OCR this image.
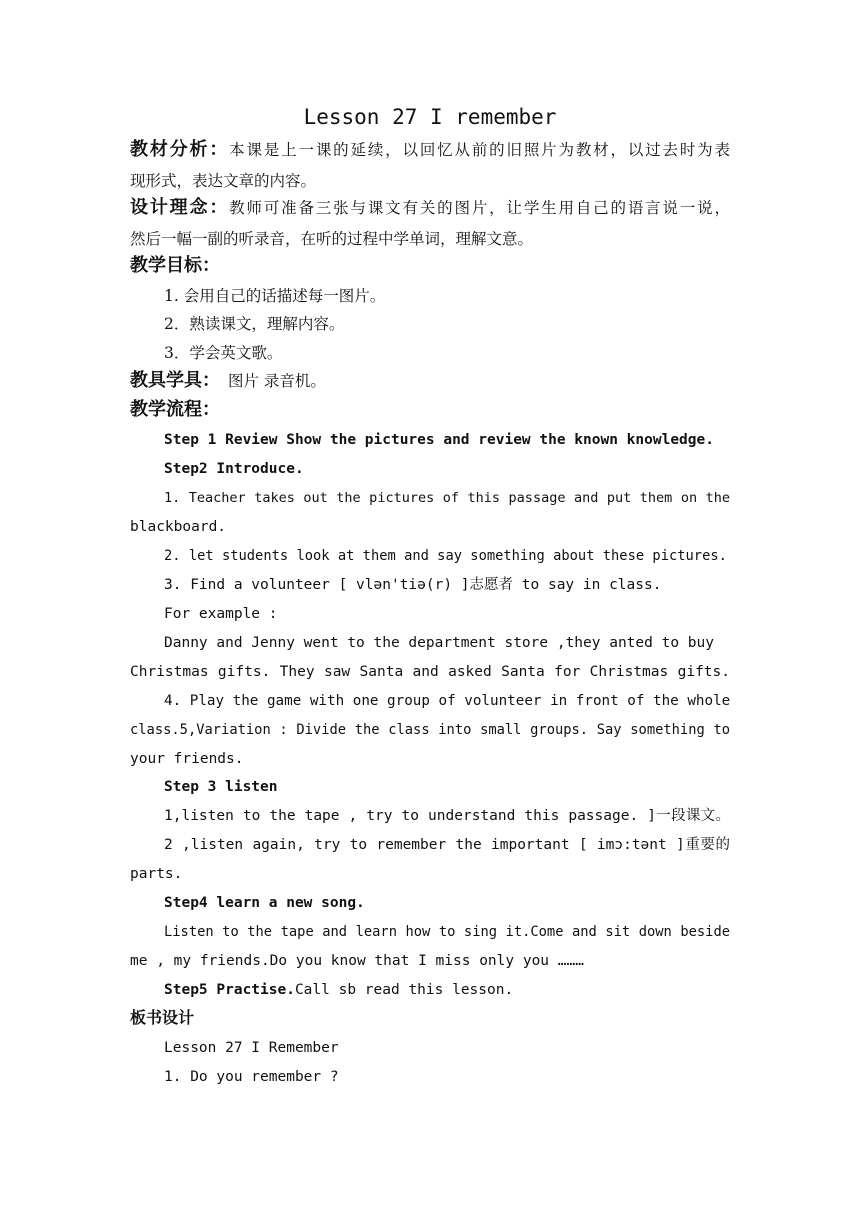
Lesson 27 I remember
教材分析：本课是上一课的延续，以回忆从前的旧照片为教材，以过去时为表
现形式，表达文章的内容。
设计理念：教师可准备三张与课文有关的图片，让学生用自己的语言说一说，
然后一幅一副的听录音，在听的过程中学单词，理解文意。
教学目标：
1. 会用自己的话描述每一图片。
2．熟读课文，理解内容。
3．学会英文歌。
教具学具： 图片 录音机。
教学流程：
Step 1 Review Show the pictures and review the known knowledge.
Step2 Introduce.
1. Teacher takes out the pictures of this passage and put them on the
blackboard.
2. let students look at them and say something about these pictures.
3. Find a volunteer [ vlən'tiə(r) ]志愿者 to say in class.
For example :
Danny and Jenny went to the department store ,they anted to buy
Christmas gifts. They saw Santa and asked Santa for Christmas gifts.
4. Play the game with one group of volunteer in front of the whole
class.5,Variation : Divide the class into small groups. Say something to
your friends.
Step 3 listen
1,listen to the tape , try to understand this passage. ]一段课文。
2 ,listen again, try to remember the important [ imɔ:tənt ]重要的
parts.
Step4 learn a new song.
Listen to the tape and learn how to sing it.Come and sit down beside
me , my friends.Do you know that I miss only you ………
Step5 Practise.Call sb read this lesson.
板书设计
Lesson 27 I Remember
1. Do you remember ?
